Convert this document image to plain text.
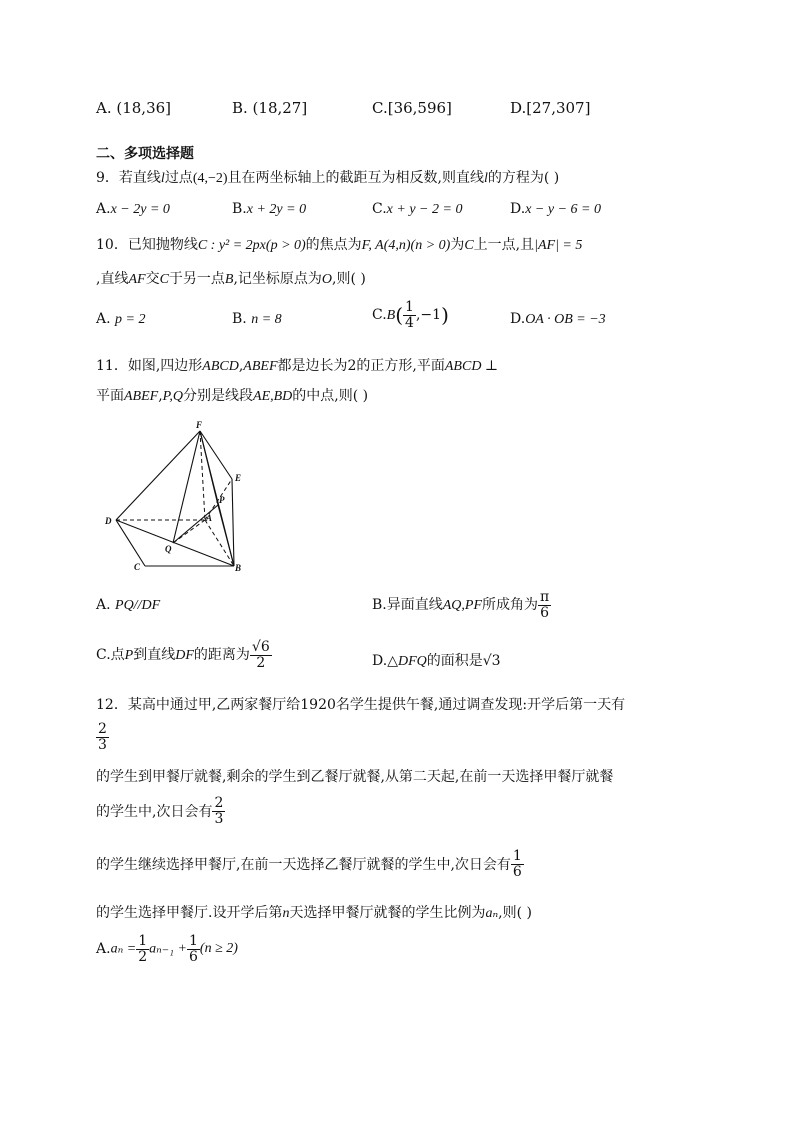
A. (18,36]	B. (18,27]	C.[36,596]	D.[27,307]
二、多项选择题
9．若直线l过点(4,−2)且在两坐标轴上的截距互为相反数,则直线l的方程为( )
A.x − 2y = 0	B.x + 2y = 0	C.x + y − 2 = 0	D.x − y − 6 = 0
10．已知抛物线C : y² = 2px(p > 0)的焦点为F, A(4,n)(n > 0)为C上一点,且|AF| = 5
,直线AF交C于另一点B,记坐标原点为O,则( )
A. p = 2	B. n = 8	$C.B( \frac{1}{4} ,-1)$	D.OA · OB = −3
11．如图,四边形ABCD,ABEF都是边长为2的正方形,平面ABCD ⊥
平面ABEF,P,Q分别是线段AE,BD的中点,则( )
F
E
P
A
D
Q
C	B
A. PQ//DF	B.异面直线AQ,PF所成角为 $\frac{\pi}{6}$
C.点P到直线DF的距离为 $\frac{√6}{2}$	D.△DFQ的面积是√3
12．某高中通过甲,乙两家餐厅给1920名学生提供午餐,通过调查发现:开学后第一天有
$\frac{2}{3}$
的学生到甲餐厅就餐,剩余的学生到乙餐厅就餐,从第二天起,在前一天选择甲餐厅就餐
的学生中,次日会有 $\frac{2}{3}$
的学生继续选择甲餐厅,在前一天选择乙餐厅就餐的学生中,次日会有 $\frac{1}{6}$
的学生选择甲餐厅.设开学后第n天选择甲餐厅就餐的学生比例为aₙ,则( )
$A.a_n = \frac{1}{2} a_{n-1} + \frac{1}{6} (n \ge 2)$
